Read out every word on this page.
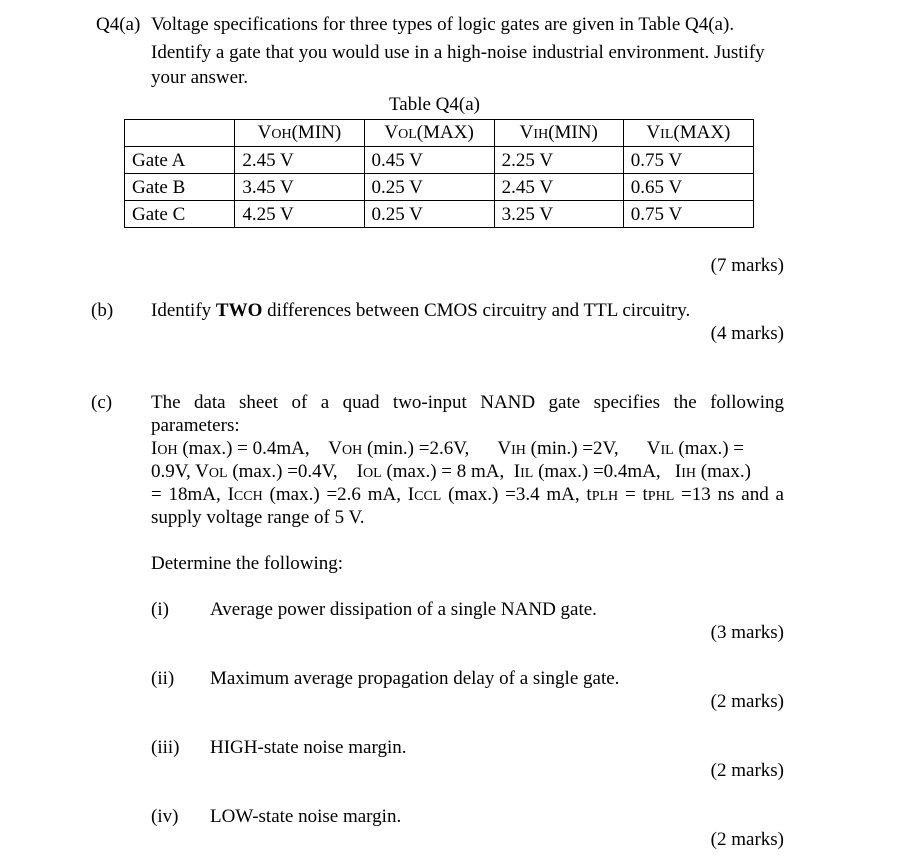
Q4(a) Voltage specifications for three types of logic gates are given in Table Q4(a).
Identify a gate that you would use in a high-noise industrial environment. Justify
your answer.
Table Q4(a)
	VOH(MIN)	VOL(MAX)	VIH(MIN)	VIL(MAX)
Gate A	2.45 V	0.45 V	2.25 V	0.75 V
Gate B	3.45 V	0.25 V	2.45 V	0.65 V
Gate C	4.25 V	0.25 V	3.25 V	0.75 V
(7 marks)
(b) Identify TWO differences between CMOS circuitry and TTL circuitry.
(4 marks)
(c) The data sheet of a quad two-input NAND gate specifies the following
parameters:
IOH (max.) = 0.4mA,    VOH (min.) =2.6V,      VIH (min.) =2V,      VIL (max.) =
0.9V, VOL (max.) =0.4V,    IOL (max.) = 8 mA,  IIL (max.) =0.4mA,   IIH (max.)
= 18mA, ICCH (max.) =2.6 mA, ICCL (max.) =3.4 mA, tPLH = tPHL =13 ns and a
supply voltage range of 5 V.
Determine the following:
(i) Average power dissipation of a single NAND gate.
(3 marks)
(ii) Maximum average propagation delay of a single gate.
(2 marks)
(iii) HIGH-state noise margin.
(2 marks)
(iv) LOW-state noise margin.
(2 marks)
